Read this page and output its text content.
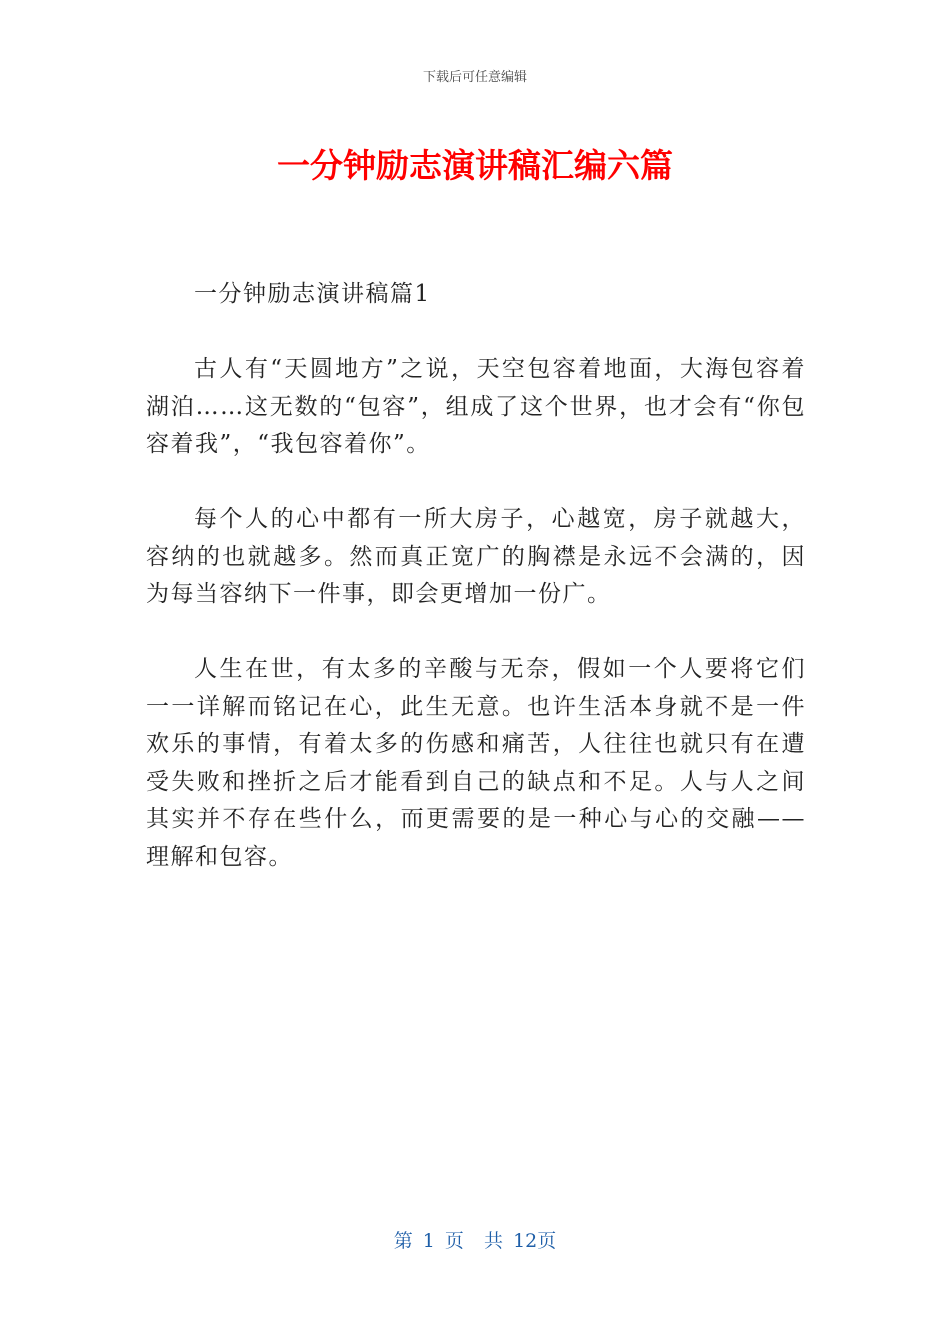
下载后可任意编辑
一分钟励志演讲稿汇编六篇

一分钟励志演讲稿篇1

古人有“天圆地方”之说，天空包容着地面，大海包容着湖泊……这无数的“包容”，组成了这个世界，也才会有“你包容着我”，“我包容着你”。

每个人的心中都有一所大房子，心越宽，房子就越大，容纳的也就越多。然而真正宽广的胸襟是永远不会满的，因为每当容纳下一件事，即会更增加一份广。

人生在世，有太多的辛酸与无奈，假如一个人要将它们一一详解而铭记在心，此生无意。也许生活本身就不是一件欢乐的事情，有着太多的伤感和痛苦，人往往也就只有在遭受失败和挫折之后才能看到自己的缺点和不足。人与人之间其实并不存在些什么，而更需要的是一种心与心的交融——理解和包容。

第 1 页  共 12页
